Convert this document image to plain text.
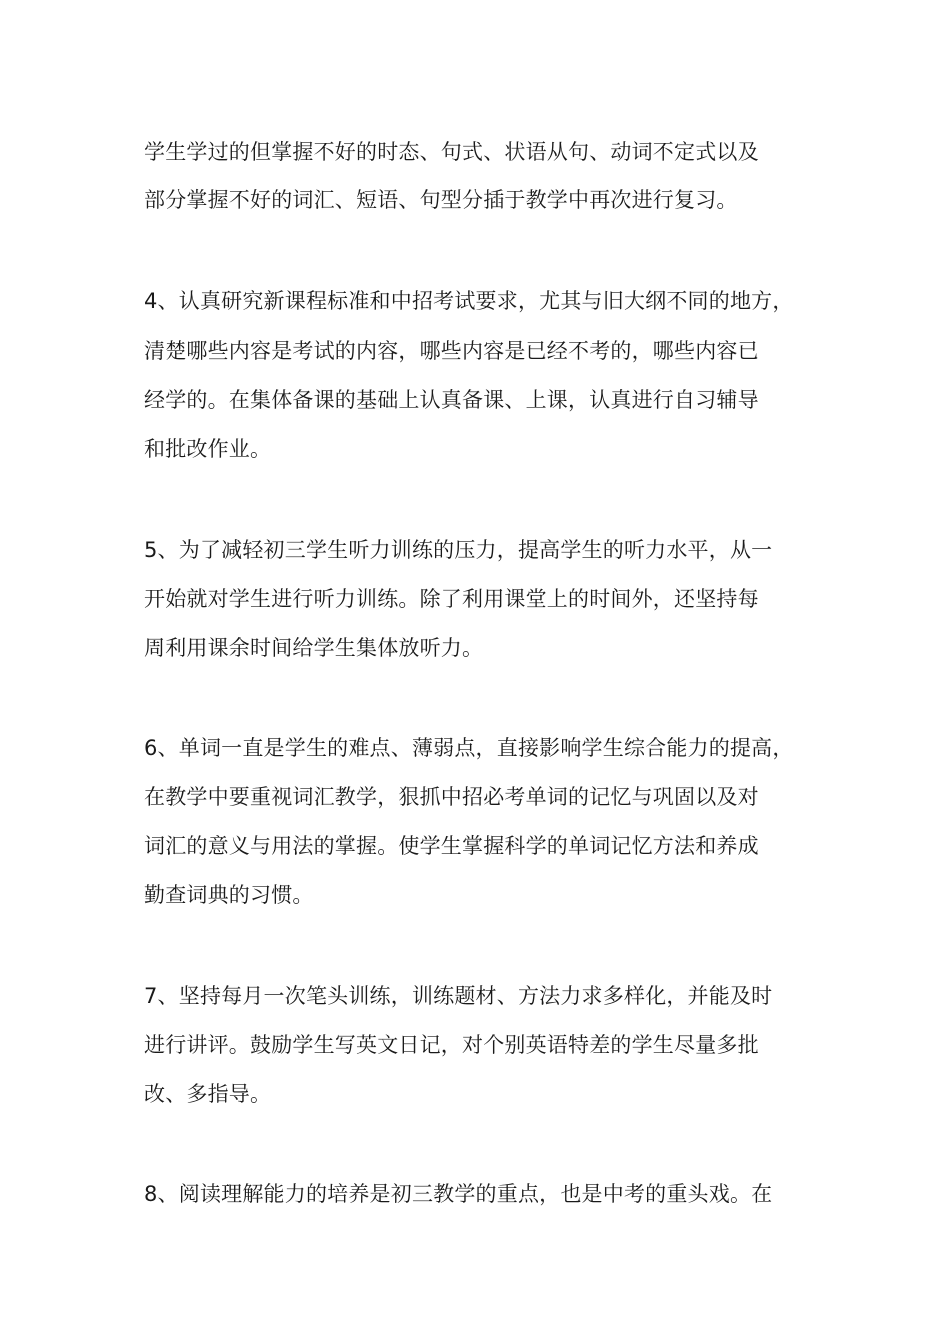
学生学过的但掌握不好的时态、句式、状语从句、动词不定式以及
部分掌握不好的词汇、短语、句型分插于教学中再次进行复习。
4、认真研究新课程标准和中招考试要求，尤其与旧大纲不同的地方，
清楚哪些内容是考试的内容，哪些内容是已经不考的，哪些内容已
经学的。在集体备课的基础上认真备课、上课，认真进行自习辅导
和批改作业。
5、为了减轻初三学生听力训练的压力，提高学生的听力水平，从一
开始就对学生进行听力训练。除了利用课堂上的时间外，还坚持每
周利用课余时间给学生集体放听力。
6、单词一直是学生的难点、薄弱点，直接影响学生综合能力的提高，
在教学中要重视词汇教学，狠抓中招必考单词的记忆与巩固以及对
词汇的意义与用法的掌握。使学生掌握科学的单词记忆方法和养成
勤查词典的习惯。
7、坚持每月一次笔头训练，训练题材、方法力求多样化，并能及时
进行讲评。鼓励学生写英文日记，对个别英语特差的学生尽量多批
改、多指导。
8、阅读理解能力的培养是初三教学的重点，也是中考的重头戏。在
